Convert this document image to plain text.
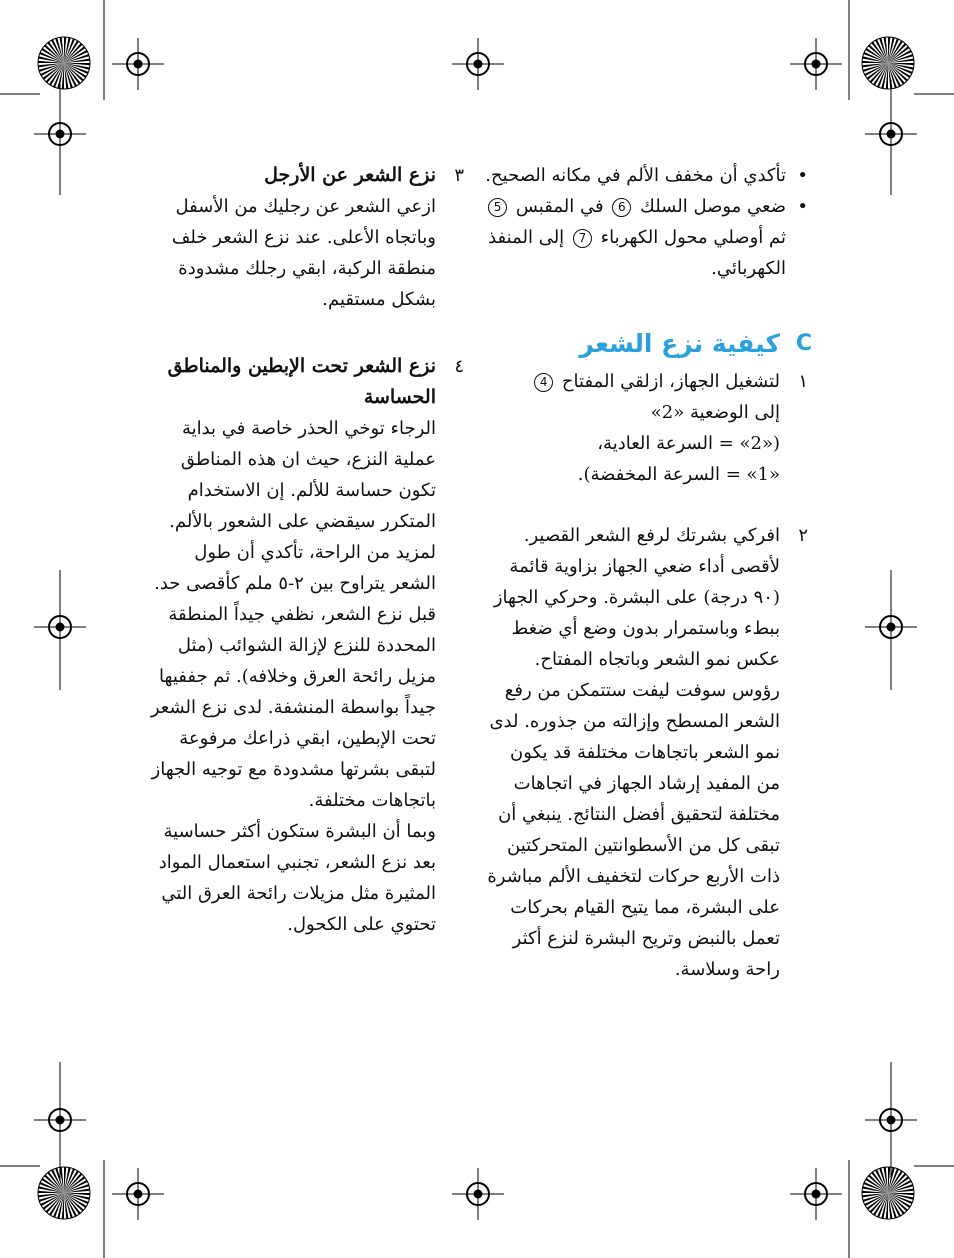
•
تأكدي أن مخفف الألم في مكانه الصحيح.

•
ضعي موصل السلك 6 في المقبس 5 ثم أوصلي محول الكهرباء 7 إلى المنفذ الكهربائي.

C
كيفية نزع الشعر

١
لتشغيل الجهاز، ازلقي المفتاح 4
إلى الوضعية «2»
(«2» = السرعة العادية،
«1» = السرعة المخفضة).

٢
افركي بشرتك لرفع الشعر القصير. لأقصى أداء ضعي الجهاز بزاوية قائمة (٩٠ درجة) على البشرة. وحركي الجهاز ببطء وباستمرار بدون وضع أي ضغط عكس نمو الشعر وباتجاه المفتاح. رؤوس سوفت ليفت ستتمكن من رفع الشعر المسطح وإزالته من جذوره. لدى نمو الشعر باتجاهات مختلفة قد يكون من المفيد إرشاد الجهاز في اتجاهات مختلفة لتحقيق أفضل النتائج. ينبغي أن تبقى كل من الأسطوانتين المتحركتين ذات الأربع حركات لتخفيف الألم مباشرة على البشرة، مما يتيح القيام بحركات تعمل بالنبض وتريح البشرة لنزع أكثر راحة وسلاسة.

٣
نزع الشعر عن الأرجل
ازعي الشعر عن رجليك من الأسفل وباتجاه الأعلى. عند نزع الشعر خلف منطقة الركبة، ابقي رجلك مشدودة بشكل مستقيم.
٤
نزع الشعر تحت الإبطين والمناطق الحساسة
الرجاء توخي الحذر خاصة في بداية عملية النزع، حيث ان هذه المناطق تكون حساسة للألم. إن الاستخدام المتكرر سيقضي على الشعور بالألم. لمزيد من الراحة، تأكدي أن طول الشعر يتراوح بين ٢-٥ ملم كأقصى حد.
قبل نزع الشعر، نظفي جيداً المنطقة المحددة للنزع لإزالة الشوائب (مثل مزيل رائحة العرق وخلافه). ثم جففيها جيداً بواسطة المنشفة. لدى نزع الشعر تحت الإبطين، ابقي ذراعك مرفوعة لتبقى بشرتها مشدودة مع توجيه الجهاز باتجاهات مختلفة.
وبما أن البشرة ستكون أكثر حساسية بعد نزع الشعر، تجنبي استعمال المواد المثيرة مثل مزيلات رائحة العرق التي تحتوي على الكحول.
